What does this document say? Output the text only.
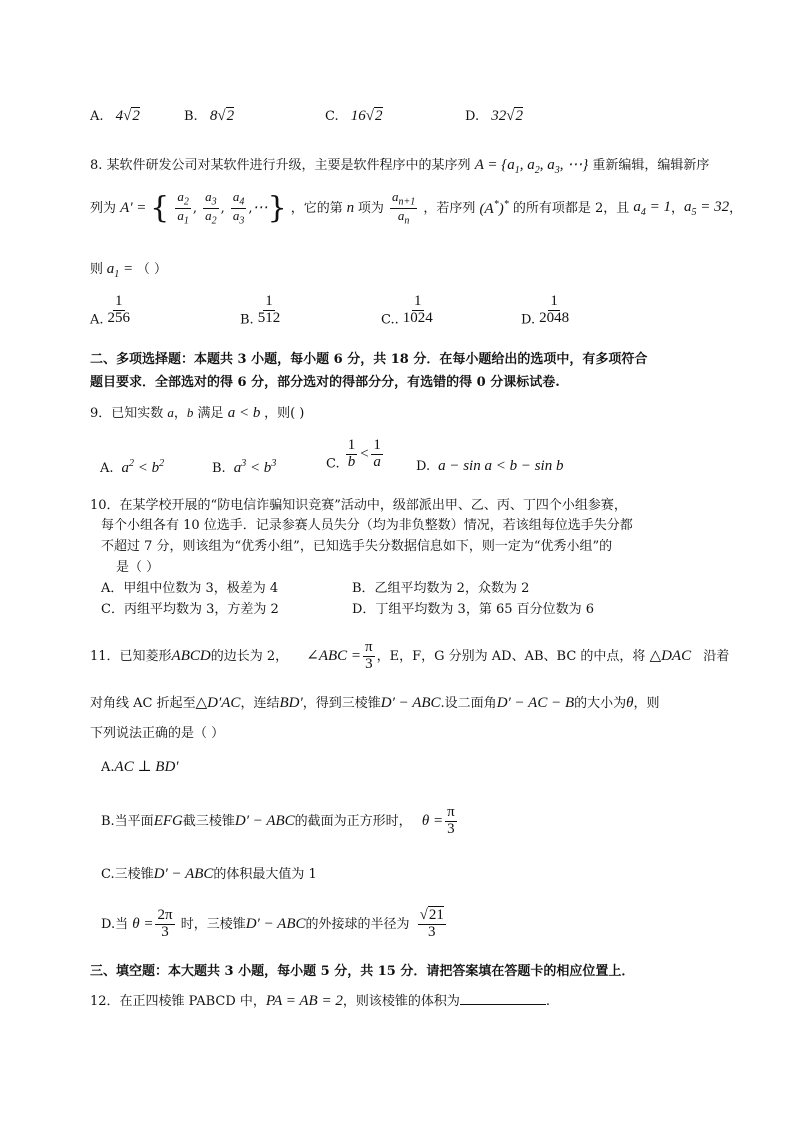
A. 4√2	B. 8√2	C. 16√2	D. 32√2
8. 某软件研发公司对某软件进行升级，主要是软件程序中的某序列 $A = \{a_1$, $a_2$, $a_3$, ⋯} 重新编辑，编辑新序
列为 A' = { $\frac{a_2}{a_1}$ , $\frac{a_3}{a_2}$ , $\frac{a_4}{a_3}$ ,⋯} ，它的第 n 项为 $\frac{a_{n+1}}{a_n}$ ，若序列 (A*)* 的所有项都是 2，且 $a_4 = 1$，$a_5 = 32$，
则 $a_1$ = （ ）
A. $\frac{1}{256}$	B. $\frac{1}{512}$	C.. $\frac{1}{1024}$	D. $\frac{1}{2048}$
二、多项选择题：本题共 3 小题，每小题 6 分，共 18 分．在每小题给出的选项中，有多项符合
题目要求．全部选对的得 6 分，部分选对的得部分分，有选错的得 0 分课标试卷.
9．已知实数 a，b 满足 a < b ，则( )
A. $a^2 < b^2$	B. $a^3 < b^3$	C. $\frac{1}{b} < \frac{1}{a}$	D. a − sin a < b − sin b
10．在某学校开展的“防电信诈骗知识竞赛”活动中，级部派出甲、乙、丙、丁四个小组参赛，
每个小组各有 10 位选手．记录参赛人员失分（均为非负整数）情况，若该组每位选手失分都
不超过 7 分，则该组为“优秀小组”，已知选手失分数据信息如下，则一定为“优秀小组”的
是（ ）
A．甲组中位数为 3，极差为 4	B．乙组平均数为 2，众数为 2
C．丙组平均数为 3，方差为 2	D．丁组平均数为 3，第 65 百分位数为 6
11．已知菱形ABCD的边长为 2， ∠ABC = $\frac{\pi}{3}$ ，E，F，G 分别为 AD、AB、BC 的中点，将 △DAC 沿着
对角线 AC 折起至△D′AC，连结BD′，得到三棱锥D′ − ABC.设二面角D′ − AC − B的大小为θ，则
下列说法正确的是（ ）
A.AC ⊥ BD′
B.当平面EFG截三棱锥D′ − ABC的截面为正方形时， $\theta = \frac{\pi}{3}$
C.三棱锥D′ − ABC的体积最大值为 1
D.当 $\theta = \frac{2\pi}{3}$ 时，三棱锥D′ − ABC的外接球的半径为 $\frac{√21}{3}$
三、填空题：本大题共 3 小题，每小题 5 分，共 15 分．请把答案填在答题卡的相应位置上．
12．在正四棱锥 PABCD 中，PA = AB = 2，则该棱锥的体积为	.
